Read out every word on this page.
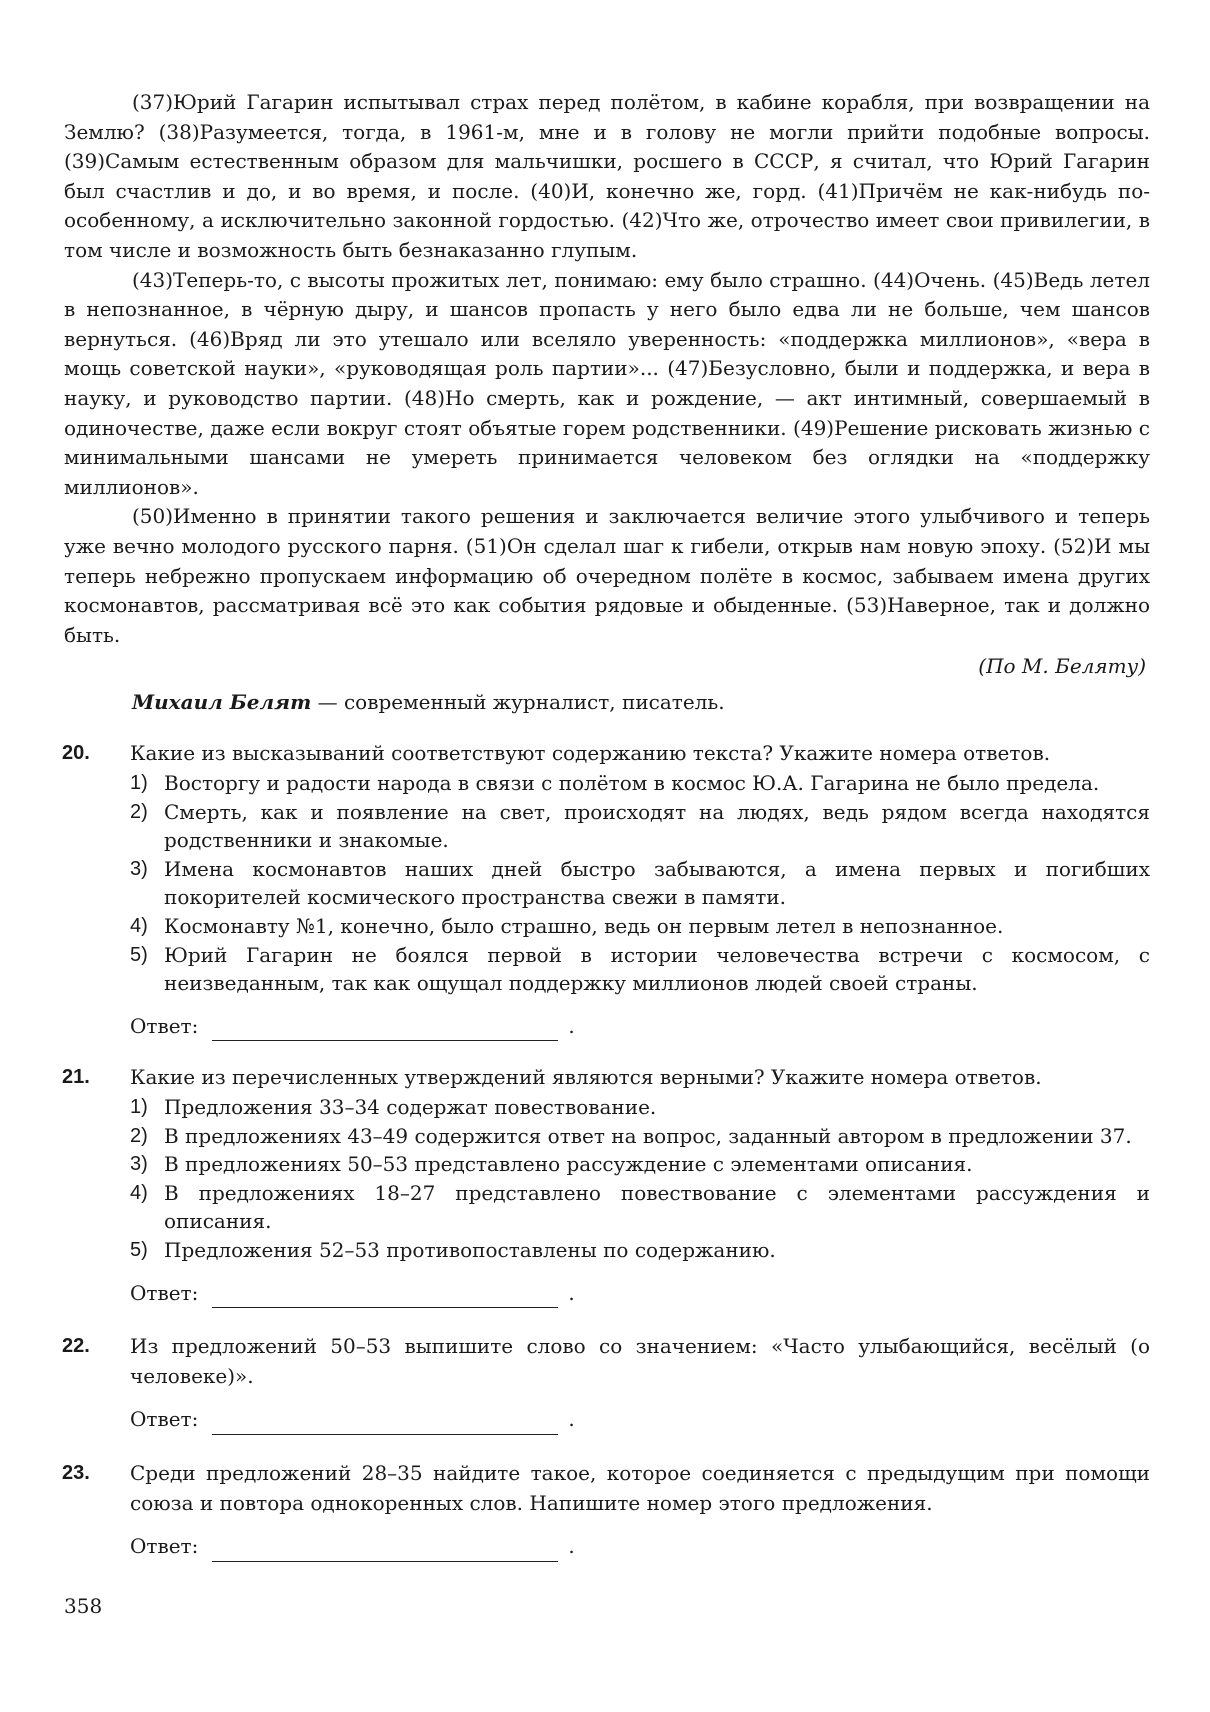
(37)Юрий Гагарин испытывал страх перед полётом, в кабине корабля, при возвращении на Землю? (38)Разумеется, тогда, в 1961-м, мне и в голову не могли прийти подобные вопросы. (39)Самым естественным образом для мальчишки, росшего в СССР, я считал, что Юрий Гагарин был счастлив и до, и во время, и после. (40)И, конечно же, горд. (41)Причём не как-нибудь по-особенному, а исключительно законной гордостью. (42)Что же, отрочество имеет свои привилегии, в том числе и возможность быть безнаказанно глупым.

(43)Теперь-то, с высоты прожитых лет, понимаю: ему было страшно. (44)Очень. (45)Ведь летел в непознанное, в чёрную дыру, и шансов пропасть у него было едва ли не больше, чем шансов вернуться. (46)Вряд ли это утешало или вселяло уверенность: «поддержка миллионов», «вера в мощь советской науки», «руководящая роль партии»... (47)Безусловно, были и поддержка, и вера в науку, и руководство партии. (48)Но смерть, как и рождение, — акт интимный, совершаемый в одиночестве, даже если вокруг стоят объятые горем родственники. (49)Решение рисковать жизнью с минимальными шансами не умереть принимается человеком без оглядки на «поддержку миллионов».

(50)Именно в принятии такого решения и заключается величие этого улыбчивого и теперь уже вечно молодого русского парня. (51)Он сделал шаг к гибели, открыв нам новую эпоху. (52)И мы теперь небрежно пропускаем информацию об очередном полёте в космос, забываем имена других космонавтов, рассматривая всё это как события рядовые и обыденные. (53)Наверное, так и должно быть.

(По М. Беляту)

Михаил Белят — современный журналист, писатель.

20. Какие из высказываний соответствуют содержанию текста? Укажите номера ответов.
1) Восторгу и радости народа в связи с полётом в космос Ю.А. Гагарина не было предела.
2) Смерть, как и появление на свет, происходят на людях, ведь рядом всегда находятся родственники и знакомые.
3) Имена космонавтов наших дней быстро забываются, а имена первых и погибших покорителей космического пространства свежи в памяти.
4) Космонавту №1, конечно, было страшно, ведь он первым летел в непознанное.
5) Юрий Гагарин не боялся первой в истории человечества встречи с космосом, с неизведанным, так как ощущал поддержку миллионов людей своей страны.
Ответ:	.
21. Какие из перечисленных утверждений являются верными? Укажите номера ответов.
1) Предложения 33–34 содержат повествование.
2) В предложениях 43–49 содержится ответ на вопрос, заданный автором в предложении 37.
3) В предложениях 50–53 представлено рассуждение с элементами описания.
4) В предложениях 18–27 представлено повествование с элементами рассуждения и описания.
5) Предложения 52–53 противопоставлены по содержанию.
Ответ:	.
22. Из предложений 50–53 выпишите слово со значением: «Часто улыбающийся, весёлый (о человеке)».
Ответ:	.
23. Среди предложений 28–35 найдите такое, которое соединяется с предыдущим при помощи союза и повтора однокоренных слов. Напишите номер этого предложения.
Ответ:	.
358
